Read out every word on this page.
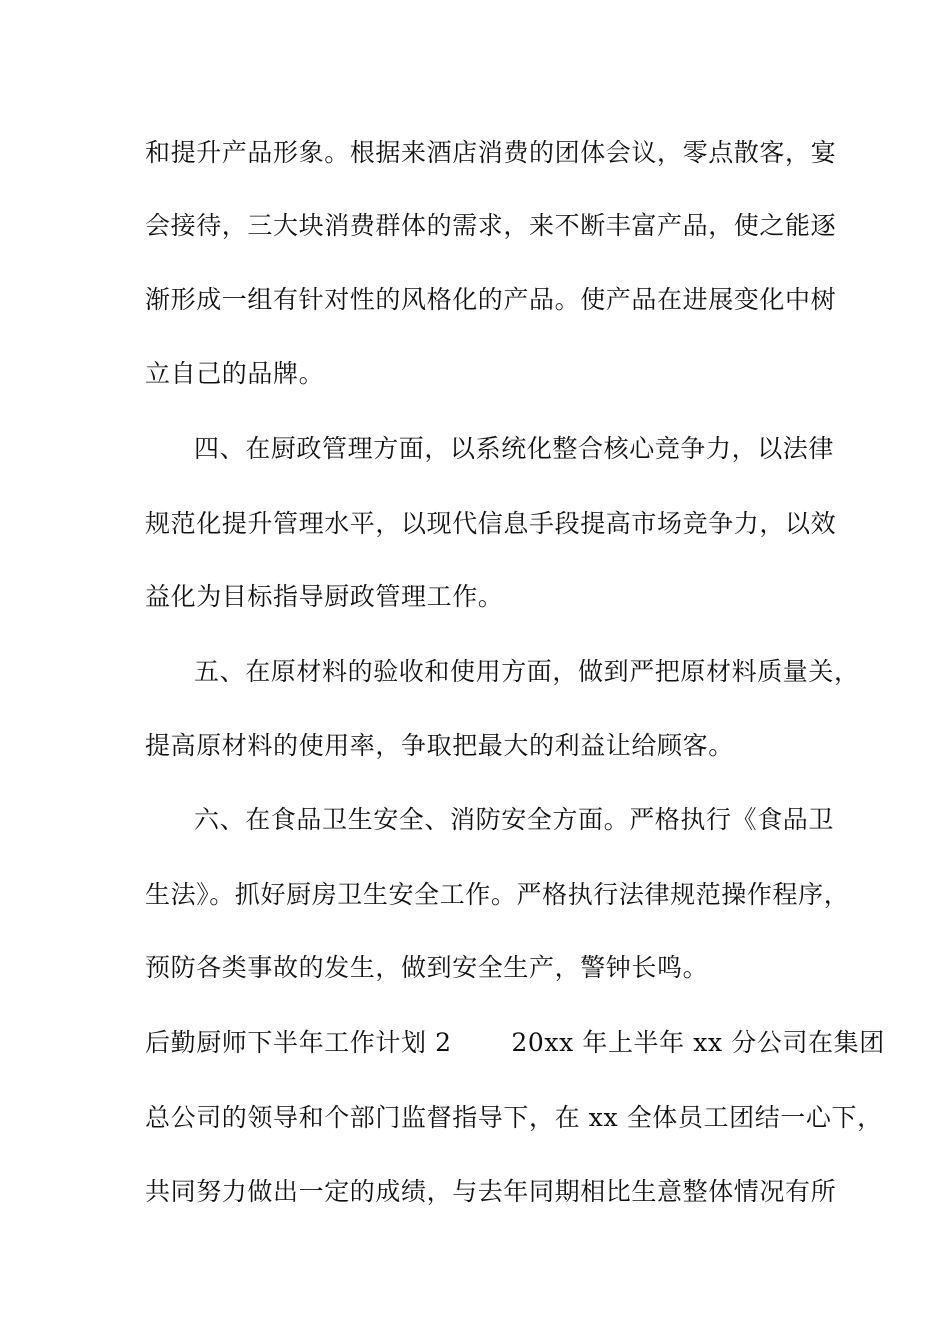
和提升产品形象。根据来酒店消费的团体会议，零点散客，宴
会接待，三大块消费群体的需求，来不断丰富产品，使之能逐
渐形成一组有针对性的风格化的产品。使产品在进展变化中树
立自己的品牌。
四、在厨政管理方面，以系统化整合核心竞争力，以法律
规范化提升管理水平，以现代信息手段提高市场竞争力，以效
益化为目标指导厨政管理工作。
五、在原材料的验收和使用方面，做到严把原材料质量关，
提高原材料的使用率，争取把最大的利益让给顾客。
六、在食品卫生安全、消防安全方面。严格执行《食品卫
生法》。抓好厨房卫生安全工作。严格执行法律规范操作程序，
预防各类事故的发生，做到安全生产，警钟长鸣。
后勤厨师下半年工作计划 2　　 20xx 年上半年 xx 分公司在集团
总公司的领导和个部门监督指导下，在 xx 全体员工团结一心下，
共同努力做出一定的成绩，与去年同期相比生意整体情况有所
